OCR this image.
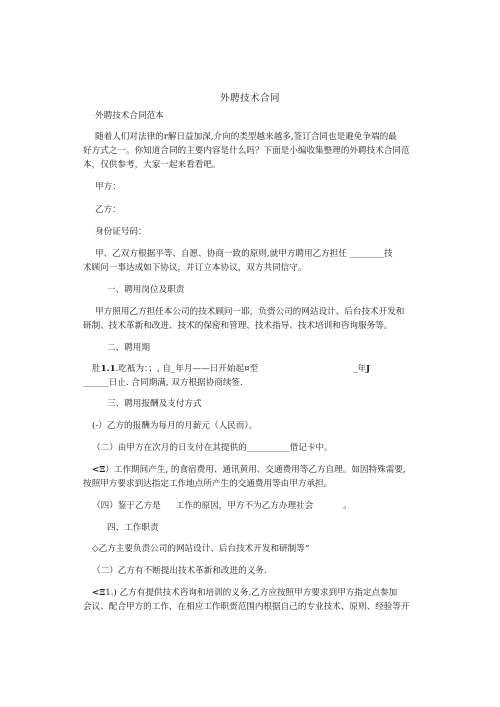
外聘技术合同
外聘技术合同范本
随着人们对法律的r解日益加深,介向的类型越来越多,签订合同也是避免争端的最
好方式之一。你知道合同的主要内容是什么吗？下面是小编收集整理的外聘技术合同范
本，仅供参考，大家一起来看看吧。
甲方：
乙方：
身份证号码：
甲、乙双方根据平等、自愿、协商一致的原则,就甲方聘用乙方担任 ________技
术顾问一事达成如下协议，并订立本协议，双方共同信守。
一、聘用岗位及职责
甲方照用乙方担任本公司的技术顾问一耶，负赍公司的网站设计、后台技术开发和
研制、技术革新和改进、技术的保密和管理、技术指导、技术培训和咨询服务等。
二、聘用期
肚1.1.吃袛为：；, 自_年月——日开始起¤至	_年J
______日止. 合同期满, 双方根据协商续签.
三、聘用报酬及支付方式
(-）乙方的报酬为每月的月薪元（人民而）。
（二）由甲方在次月的日支付在其提供的__________借记卡中。
<Ξ）工作期间产生, 的食宿费用、通讯黄用、交通费用等乙方自理。如因特殊需要,
按照甲方要求到达指定工作地点所产生的交通费用等由甲方承担。
（四）鉴于乙方是 工作的原因，甲方不为乙方办理社会	。
四、工作职责
◇乙方主要负责公司的网站设计、后台技术开发和研制等“
（二）乙方有不断提出技术革新和改进的义务.
<Ξ1.) 乙方有提供技术咨询和培训的义务.乙方应按照甲方要求到甲方指定点参加
会议、配合甲方的工作，在相应工作职赍范围内根据自己的专业技术、原则、经验等开
